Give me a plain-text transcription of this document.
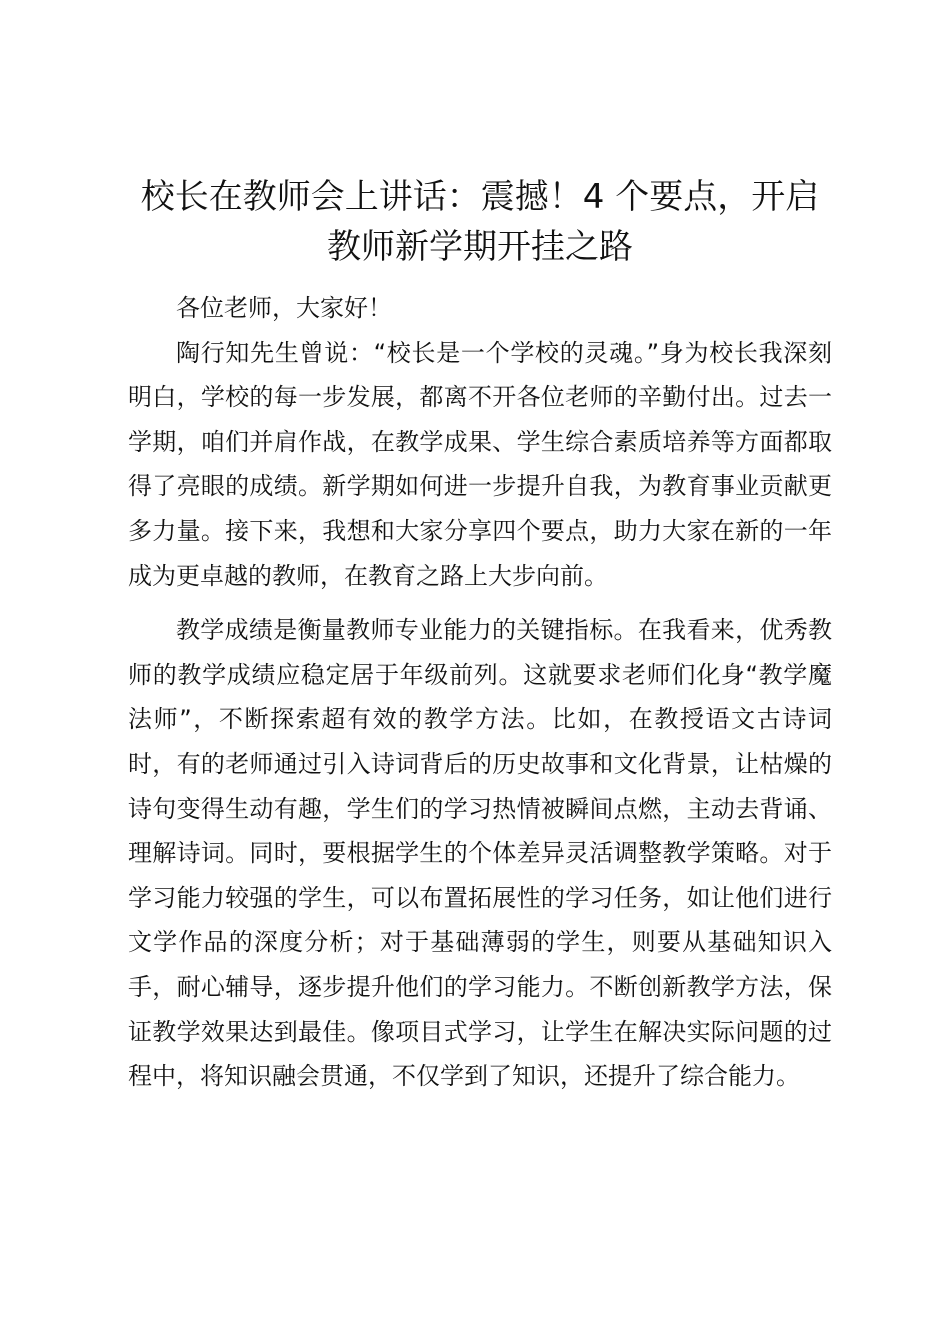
校长在教师会上讲话：震撼！4 个要点，开启
教师新学期开挂之路

各位老师，大家好！

陶行知先生曾说：“校长是一个学校的灵魂。”身为校长我深刻明白，学校的每一步发展，都离不开各位老师的辛勤付出。过去一学期，咱们并肩作战，在教学成果、学生综合素质培养等方面都取得了亮眼的成绩。新学期如何进一步提升自我，为教育事业贡献更多力量。接下来，我想和大家分享四个要点，助力大家在新的一年成为更卓越的教师，在教育之路上大步向前。

教学成绩是衡量教师专业能力的关键指标。在我看来，优秀教师的教学成绩应稳定居于年级前列。这就要求老师们化身“教学魔法师”，不断探索超有效的教学方法。比如，在教授语文古诗词时，有的老师通过引入诗词背后的历史故事和文化背景，让枯燥的诗句变得生动有趣，学生们的学习热情被瞬间点燃，主动去背诵、理解诗词。同时，要根据学生的个体差异灵活调整教学策略。对于学习能力较强的学生，可以布置拓展性的学习任务，如让他们进行文学作品的深度分析；对于基础薄弱的学生，则要从基础知识入手，耐心辅导，逐步提升他们的学习能力。不断创新教学方法，保证教学效果达到最佳。像项目式学习，让学生在解决实际问题的过程中，将知识融会贯通，不仅学到了知识，还提升了综合能力。
